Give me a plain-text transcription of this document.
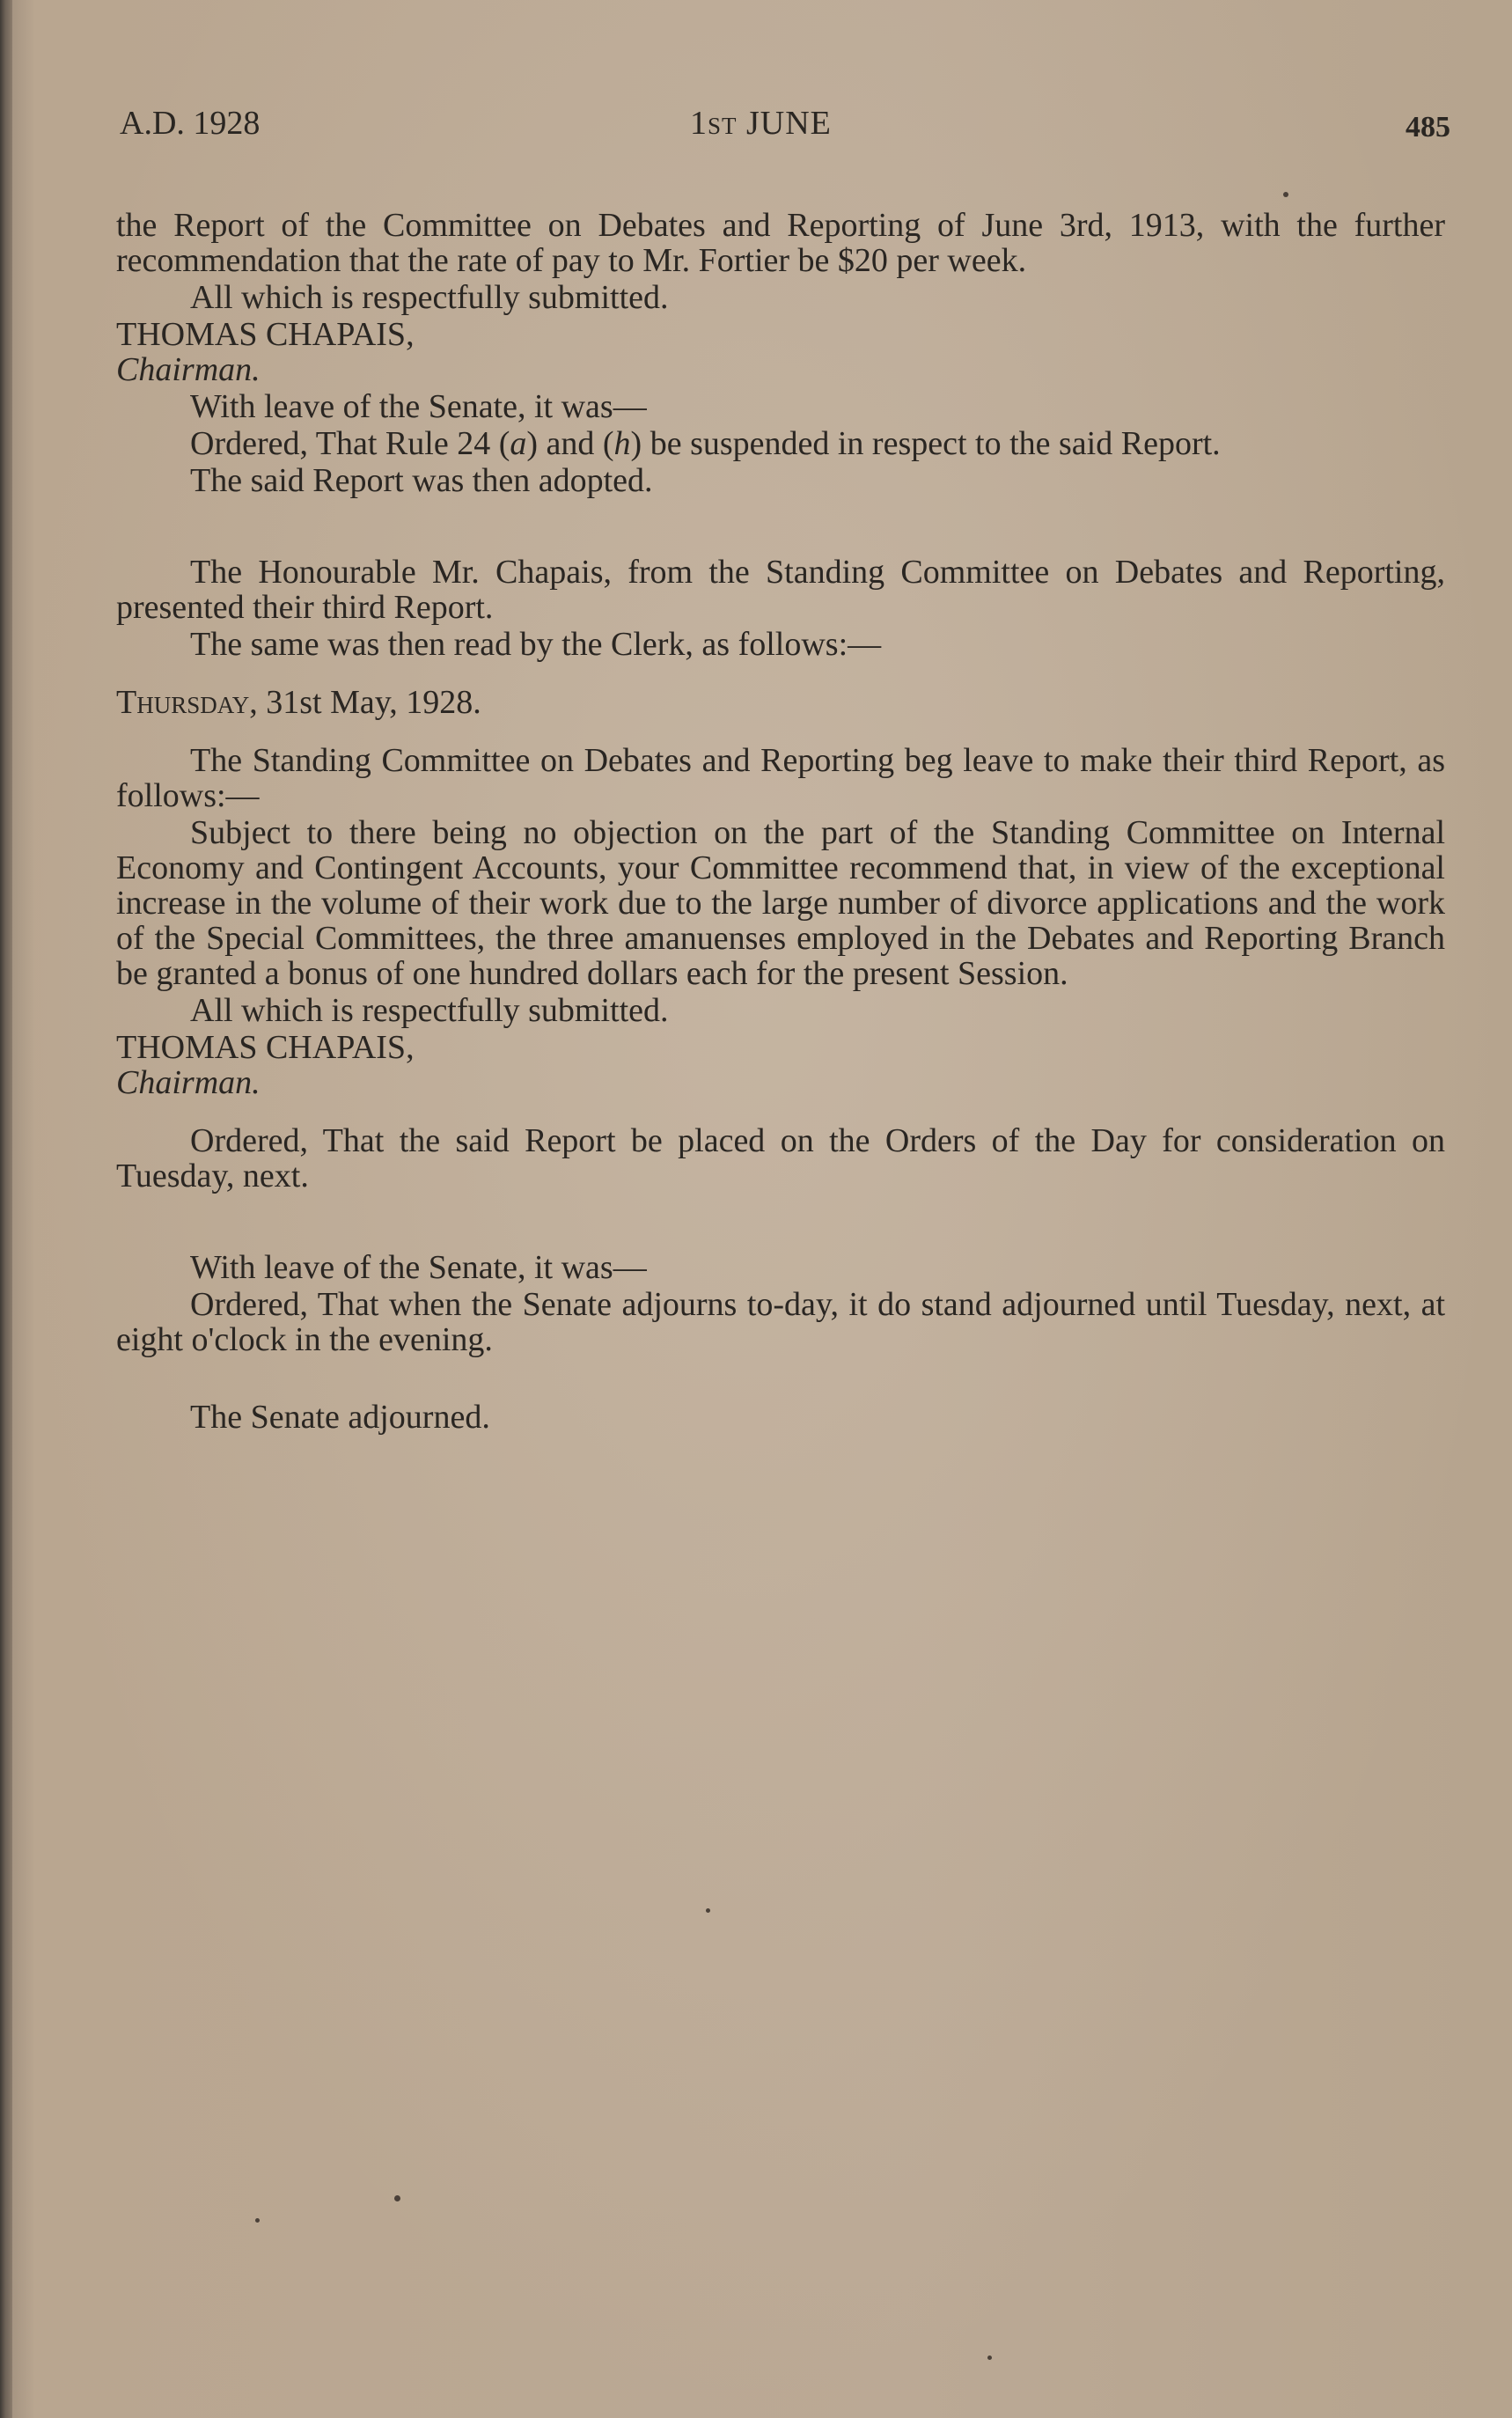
A.D. 1928	1st JUNE	485

the Report of the Committee on Debates and Reporting of June 3rd, 1913, with the further recommendation that the rate of pay to Mr. Fortier be $20 per week.

All which is respectfully submitted.

THOMAS CHAPAIS,

Chairman.

With leave of the Senate, it was—

Ordered, That Rule 24 (a) and (h) be suspended in respect to the said Report.

The said Report was then adopted.

The Honourable Mr. Chapais, from the Standing Committee on Debates and Reporting, presented their third Report.

The same was then read by the Clerk, as follows:—

Thursday, 31st May, 1928.

The Standing Committee on Debates and Reporting beg leave to make their third Report, as follows:—

Subject to there being no objection on the part of the Standing Committee on Internal Economy and Contingent Accounts, your Committee recommend that, in view of the exceptional increase in the volume of their work due to the large number of divorce applications and the work of the Special Committees, the three amanuenses employed in the Debates and Reporting Branch be granted a bonus of one hundred dollars each for the present Session.

All which is respectfully submitted.

THOMAS CHAPAIS,

Chairman.

Ordered, That the said Report be placed on the Orders of the Day for consideration on Tuesday, next.

With leave of the Senate, it was—

Ordered, That when the Senate adjourns to-day, it do stand adjourned until Tuesday, next, at eight o'clock in the evening.

The Senate adjourned.
